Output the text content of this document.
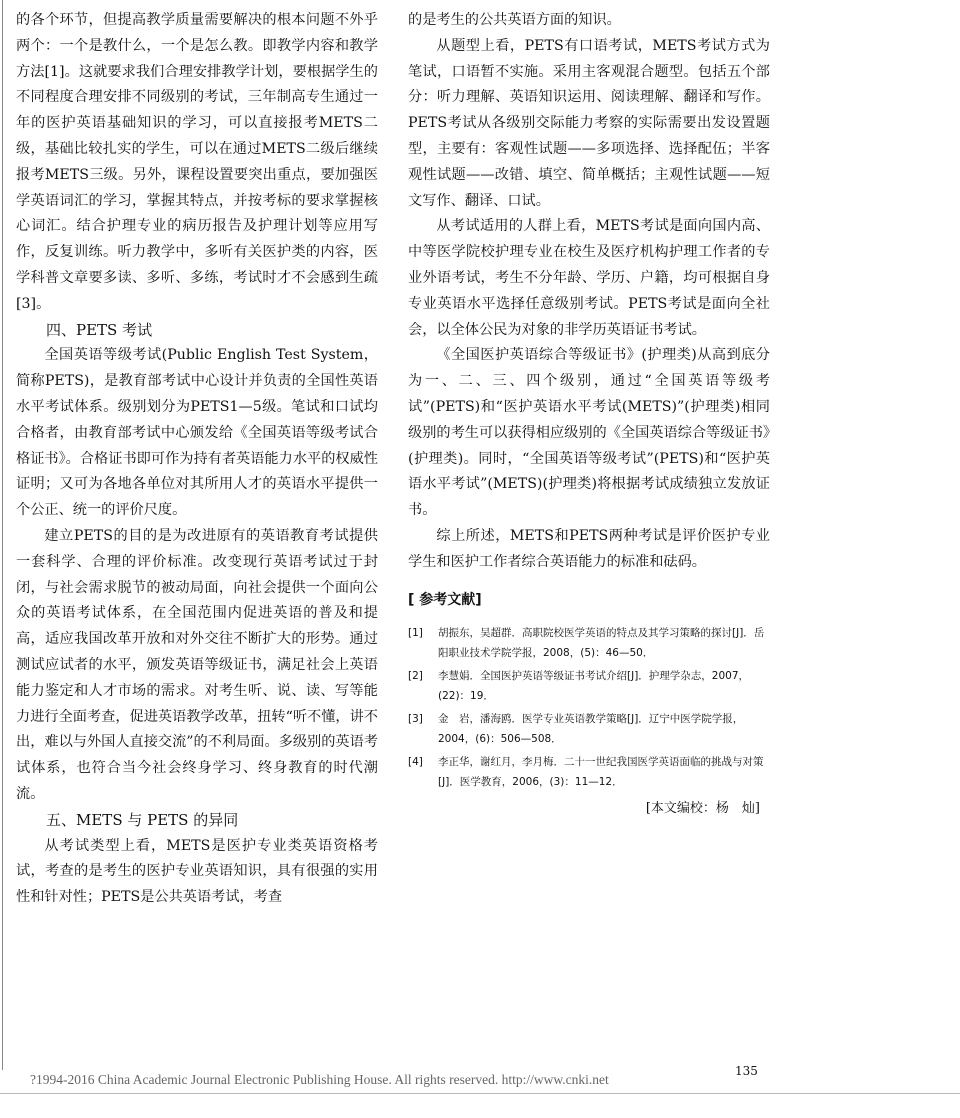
的各个环节，但提高教学质量需要解决的根本问题不外乎两个：一个是教什么，一个是怎么教。即教学内容和教学方法[1]。这就要求我们合理安排教学计划，要根据学生的不同程度合理安排不同级别的考试，三年制高专生通过一年的医护英语基础知识的学习，可以直接报考METS二级，基础比较扎实的学生，可以在通过METS二级后继续报考METS三级。另外，课程设置要突出重点，要加强医学英语词汇的学习，掌握其特点，并按考标的要求掌握核心词汇。结合护理专业的病历报告及护理计划等应用写作，反复训练。听力教学中，多听有关医护类的内容，医学科普文章要多读、多听、多练，考试时才不会感到生疏[3]。

四、PETS 考试

全国英语等级考试(Public English Test System，简称PETS)，是教育部考试中心设计并负责的全国性英语水平考试体系。级别划分为PETS1—5级。笔试和口试均合格者，由教育部考试中心颁发给《全国英语等级考试合格证书》。合格证书即可作为持有者英语能力水平的权威性证明；又可为各地各单位对其所用人才的英语水平提供一个公正、统一的评价尺度。

建立PETS的目的是为改进原有的英语教育考试提供一套科学、合理的评价标准。改变现行英语考试过于封闭，与社会需求脱节的被动局面，向社会提供一个面向公众的英语考试体系，在全国范围内促进英语的普及和提高，适应我国改革开放和对外交往不断扩大的形势。通过测试应试者的水平，颁发英语等级证书，满足社会上英语能力鉴定和人才市场的需求。对考生听、说、读、写等能力进行全面考查，促进英语教学改革，扭转“听不懂，讲不出，难以与外国人直接交流”的不利局面。多级别的英语考试体系，也符合当今社会终身学习、终身教育的时代潮流。

五、METS 与 PETS 的异同

从考试类型上看，METS是医护专业类英语资格考试，考查的是考生的医护专业英语知识，具有很强的实用性和针对性；PETS是公共英语考试，考查

的是考生的公共英语方面的知识。

从题型上看，PETS有口语考试，METS考试方式为笔试，口语暂不实施。采用主客观混合题型。包括五个部分：听力理解、英语知识运用、阅读理解、翻译和写作。PETS考试从各级别交际能力考察的实际需要出发设置题型，主要有：客观性试题——多项选择、选择配伍；半客观性试题——改错、填空、简单概括；主观性试题——短文写作、翻译、口试。

从考试适用的人群上看，METS考试是面向国内高、中等医学院校护理专业在校生及医疗机构护理工作者的专业外语考试，考生不分年龄、学历、户籍，均可根据自身专业英语水平选择任意级别考试。PETS考试是面向全社会，以全体公民为对象的非学历英语证书考试。

《全国医护英语综合等级证书》(护理类)从高到底分为一、二、三、四个级别，通过“全国英语等级考试”(PETS)和“医护英语水平考试(METS)”(护理类)相同级别的考生可以获得相应级别的《全国英语综合等级证书》(护理类)。同时，“全国英语等级考试”(PETS)和“医护英语水平考试”(METS)(护理类)将根据考试成绩独立发放证书。

综上所述，METS和PETS两种考试是评价医护专业学生和医护工作者综合英语能力的标准和砝码。

[ 参考文献]
[1]	胡振东，吴超群．高职院校医学英语的特点及其学习策略的探讨[J]．岳阳职业技术学院学报，2008，(5)：46—50．
[2]	李慧娟．全国医护英语等级证书考试介绍[J]．护理学杂志，2007，(22)：19．
[3]	金　岩，潘海鸥．医学专业英语教学策略[J]．辽宁中医学院学报，2004，(6)：506—508．
[4]	李正华，谢红月，李月梅．二十一世纪我国医学英语面临的挑战与对策[J]．医学教育，2006，(3)：11—12．
[本文编校：杨　灿]
135
?1994-2016 China Academic Journal Electronic Publishing House. All rights reserved. http://www.cnki.net
